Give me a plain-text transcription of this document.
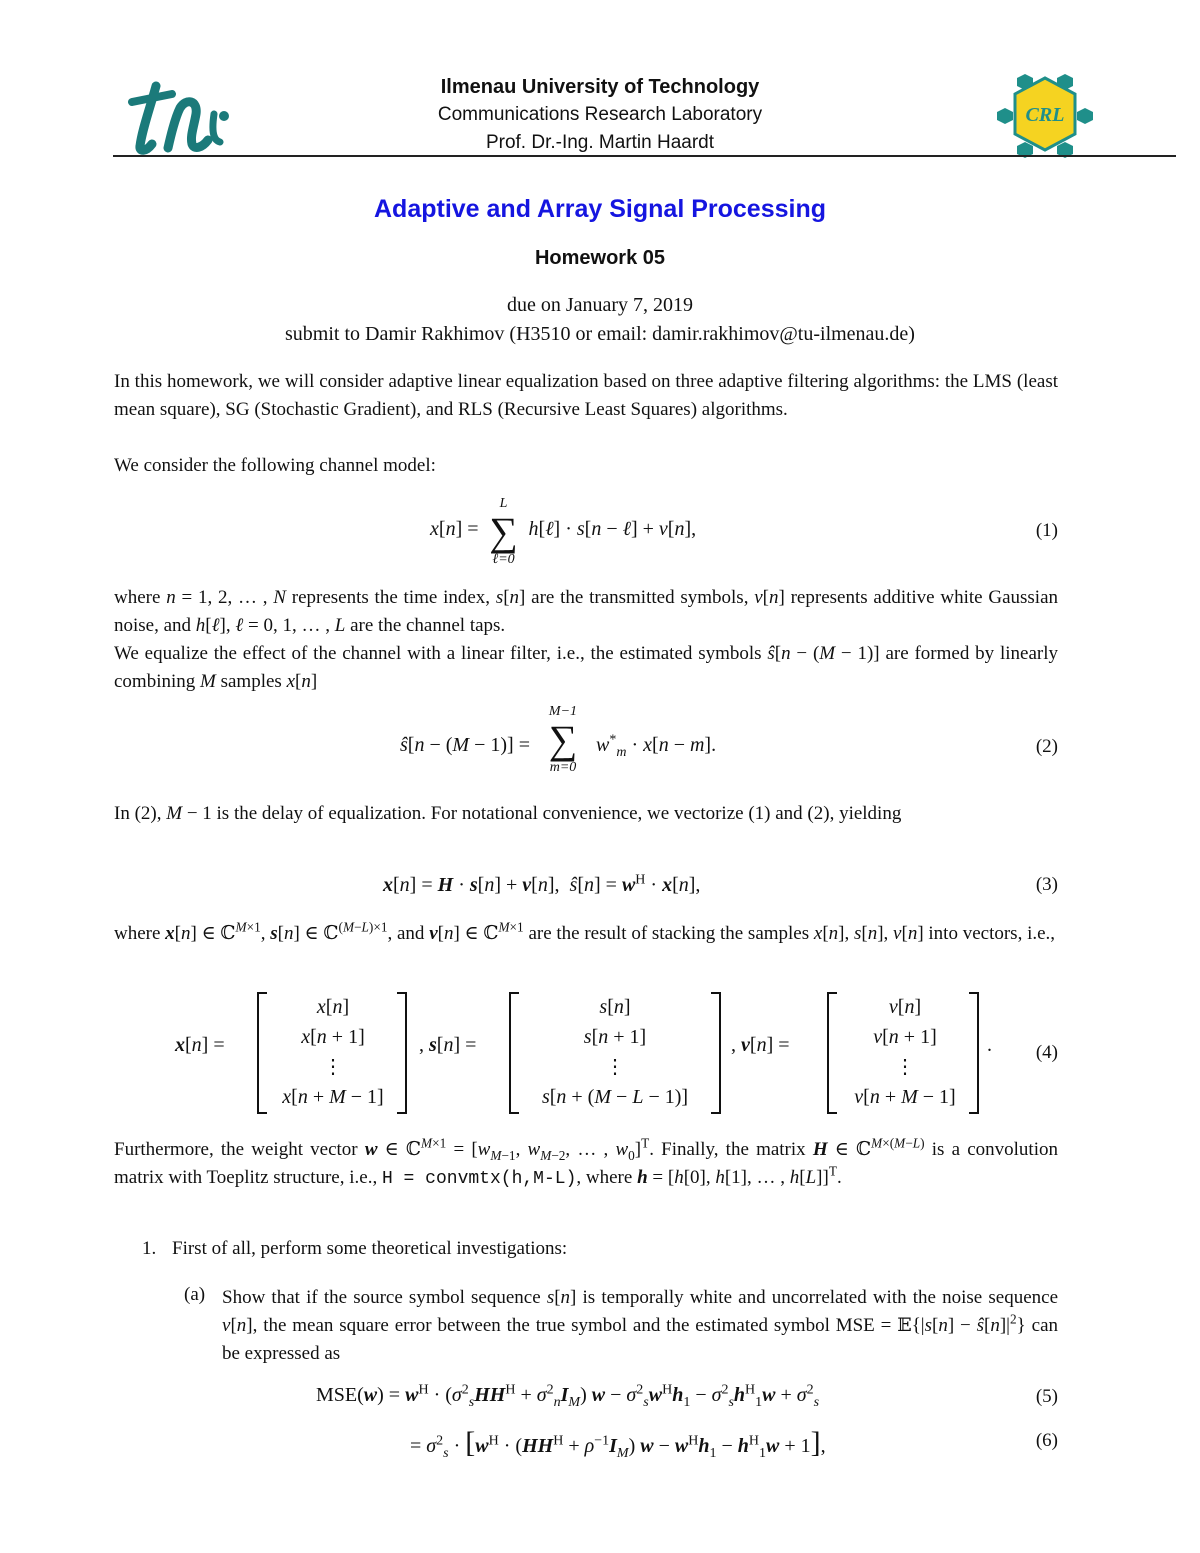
Ilmenau University of Technology
Communications Research Laboratory
Prof. Dr.-Ing. Martin Haardt
CRL
Adaptive and Array Signal Processing
Homework 05
due on January 7, 2019
submit to Damir Rakhimov (H3510 or email: damir.rakhimov@tu-ilmenau.de)
In this homework, we will consider adaptive linear equalization based on three adaptive filtering algorithms: the LMS (least mean square), SG (Stochastic Gradient), and RLS (Recursive Least Squares) algorithms.
We consider the following channel model:
x[n] =
L
∑
ℓ=0
h[ℓ] · s[n − ℓ] + ν[n],	(1)
where n = 1, 2, … , N represents the time index, s[n] are the transmitted symbols, ν[n] represents additive white Gaussian noise, and h[ℓ], ℓ = 0, 1, … , L are the channel taps.
We equalize the effect of the channel with a linear filter, i.e., the estimated symbols ŝ[n − (M − 1)] are formed by linearly combining M samples x[n]
ŝ[n − (M − 1)] =
M−1
∑
m=0
$w^*_m \cdot x[n - m]$.	(2)
In (2), M − 1 is the delay of equalization. For notational convenience, we vectorize (1) and (2), yielding
x[n] = H · s[n] + ν[n],  ŝ[n] = $w^H \cdot x[n]$,	(3)
where x[n] ∈ ℂ$^{M\times 1}$, s[n] ∈ ℂ$^{(M-L)\times 1}$, and ν[n] ∈ ℂ$^{M\times 1}$ are the result of stacking the samples x[n], s[n], ν[n] into vectors, i.e.,
x[n] =
x[n]
x[n + 1]
⋮
x[n + M − 1]
, s[n] =
s[n]
s[n + 1]
⋮
s[n + (M − L − 1)]
, ν[n] =
ν[n]
ν[n + 1]
⋮
ν[n + M − 1]
. (4)
Furthermore, the weight vector w ∈ ℂ$^{M\times 1}$ = [$w_{M-1}$, $w_{M-2}$, … , $w_0]^T$. Finally, the matrix H ∈ ℂ$^{M\times(M-L)}$ is a convolution matrix with Toeplitz structure, i.e., H = convmtx(h,M-L), where h = [h[0], h[1], … , h[L]]$^T$.
1. First of all, perform some theoretical investigations:
(a) Show that if the source symbol sequence s[n] is temporally white and uncorrelated with the noise sequence v[n], the mean square error between the true symbol and the estimated symbol MSE = 𝔼{|s[n] − $ŝ[n]|^2$} can be expressed as
$MSE(w) = w^H \cdot (\sigma^2_sHH^H + \sigma^2_nI_M) w - \sigma^2_sw^Hh_1 - \sigma^2_sh^H_1w + \sigma^2_s$	(5)
= $\sigma^2_s \cdot [w^H \cdot (HH^H + \rho^{-1}I_M) w - w^Hh_1 - h^H_1w + 1]$,	(6)
